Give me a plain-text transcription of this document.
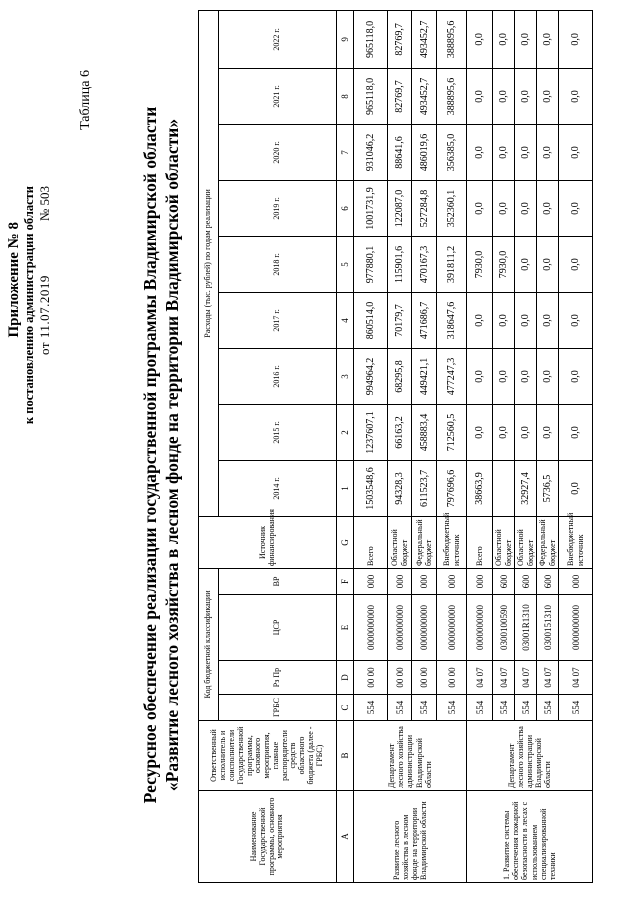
Приложение № 8 к постановлению администрации области от 11.07.2019№ 503
Таблица 6
Ресурсное обеспечение реализации государственной программы Владимирской области «Развитие лесного хозяйства в лесном фонде на территории Владимирской области»
Наименование Государственной программы, основного мероприятия	Ответственный исполнитель и соисполнители Государственной программы, основного мероприятия, главные распорядители средств областного бюджета (далее - ГРБС)	Код бюджетной классификации				Источник финансирования	Расходы (тыс. рублей) по годам реализации								
		ГРБС	Рз Пр	ЦСР	ВР		2014 г.	2015 г.	2016 г.	2017 г.	2018 г.	2019 г.	2020 г.	2021 г.	2022 г.
A	B	C	D	E	F	G	1	2	3	4	5	6	7	8	9
Развитие лесного хозяйства в лесном фонде на территории Владимирской области	Департамент лесного хозяйства администрации Владимирской области	554	00 00	0000000000	000	Всего	1503548,6	1237607,1	994964,2	860514,0	977880,1	1001731,9	931046,2	965118,0	965118,0
		554	00 00	0000000000	000	Областной бюджет	94328,3	66163,2	68295,8	70179,7	115901,6	122087,0	88641,6	82769,7	82769,7
		554	00 00	0000000000	000	Федеральный бюджет	611523,7	458883,4	449421,1	471686,7	470167,3	527284,8	486019,6	493452,7	493452,7
		554	00 00	0000000000	000	Внебюджетный источник	797696,6	712560,5	477247,3	318647,6	391811,2	352360,1	356385,0	388895,6	388895,6
1. Развитие системы обеспечения пожарной безопасности в лесах с использованием специализированной техники	Департамент лесного хозяйства администрации Владимирской области	554	04 07	0000000000	000	Всего	38663,9	0,0	0,0	0,0	7930,0	0,0	0,0	0,0	0,0
		554	04 07	0300100590	600	Областной бюджет		0,0	0,0	0,0	7930,0	0,0	0,0	0,0	0,0
		554	04 07	03001R1310	600	Областной бюджет	32927,4	0,0	0,0	0,0	0,0	0,0	0,0	0,0	0,0
		554	04 07	0300151310	600	Федеральный бюджет	5736,5	0,0	0,0	0,0	0,0	0,0	0,0	0,0	0,0
		554	04 07	0000000000	000	Внебюджетный источник	0,0	0,0	0,0	0,0	0,0	0,0	0,0	0,0	0,0
